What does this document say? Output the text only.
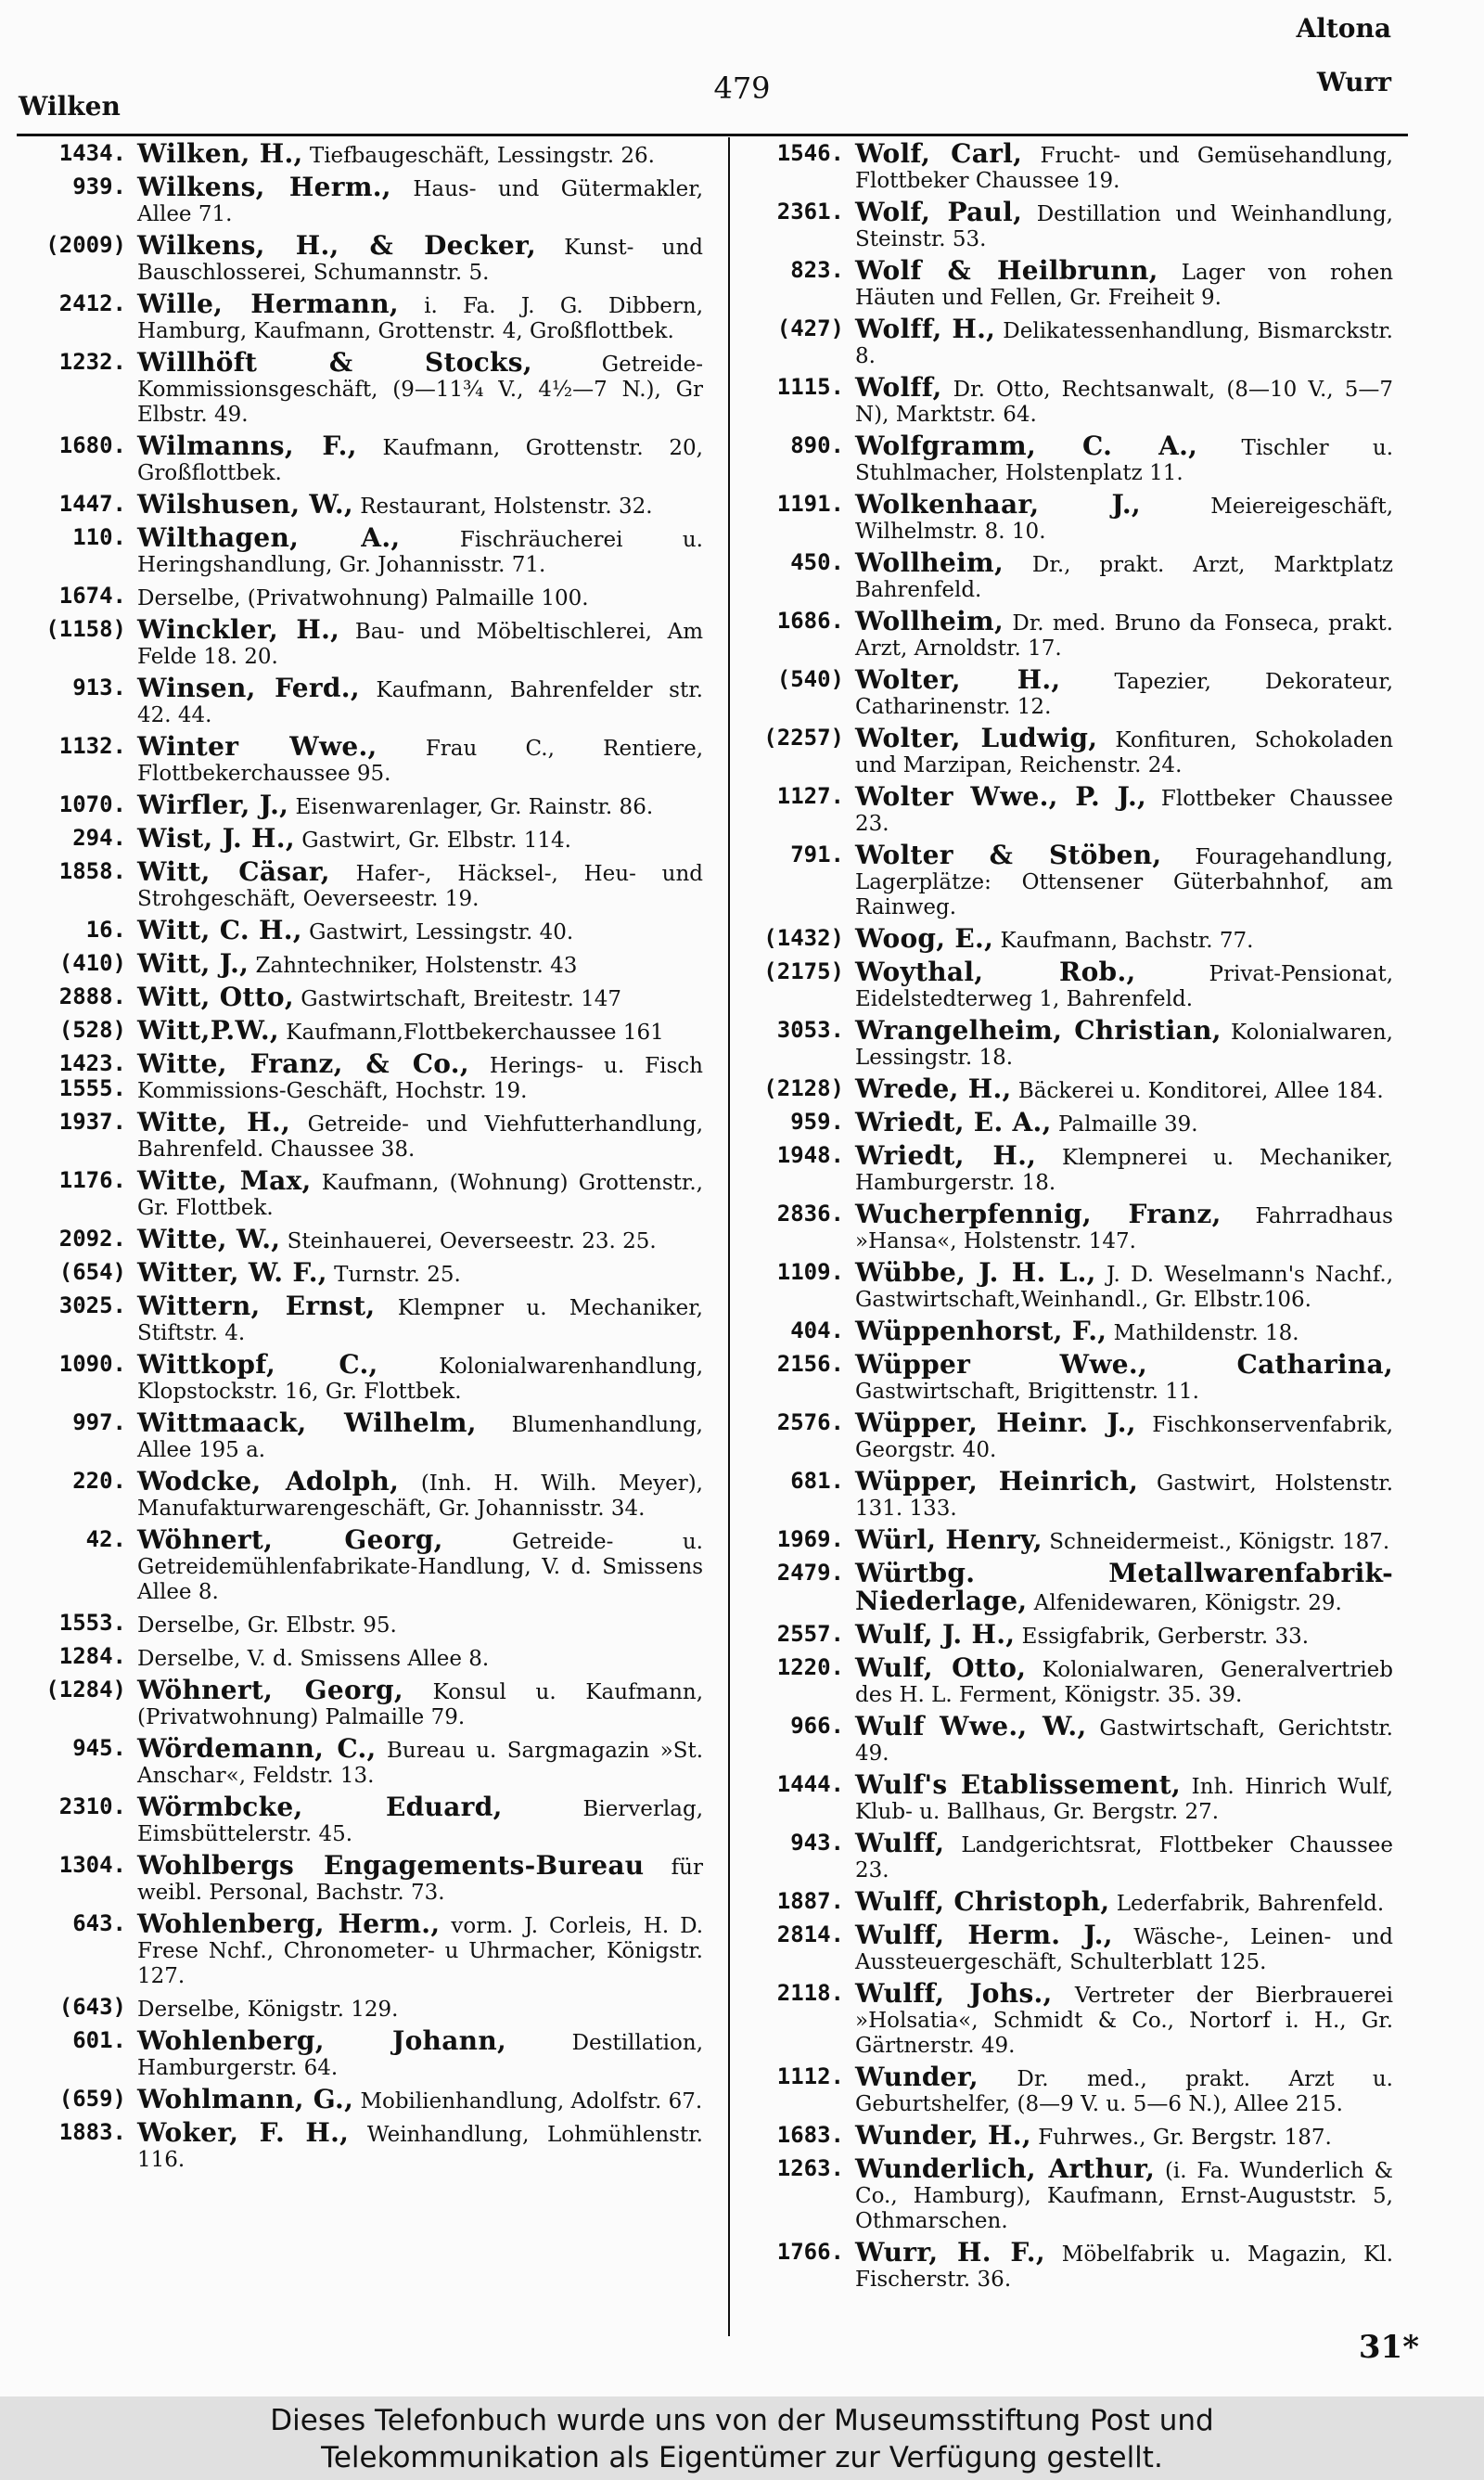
Altona
Wurr
Wilken
479
1434. Wilken, H., Tiefbaugeschäft, Lessingstr. 26.
939. Wilkens, Herm., Haus- und Gütermakler, Allee 71.
(2009) Wilkens, H., & Decker, Kunst- und Bauschlosserei, Schumannstr. 5.
2412. Wille, Hermann, i. Fa. J. G. Dibbern, Hamburg, Kaufmann, Grottenstr. 4, Großflottbek.
1232. Willhöft & Stocks,	Getreide-Kommissionsgeschäft, (9—11¾ V., 4½—7 N.), Gr Elbstr. 49.
1680. Wilmanns, F., Kaufmann, Grottenstr. 20, Großflottbek.
1447. Wilshusen, W., Restaurant, Holstenstr. 32.
110. Wilthagen, A.,	Fischräucherei u. Heringshandlung, Gr. Johannisstr. 71.
1674. Derselbe, (Privatwohnung) Palmaille 100.
(1158) Winckler, H., Bau- und Möbeltischlerei, Am Felde 18. 20.
913. Winsen, Ferd., Kaufmann, Bahrenfelder str. 42. 44.
1132. Winter Wwe., Frau C., Rentiere, Flottbekerchaussee 95.
1070. Wirfler, J., Eisenwarenlager, Gr. Rainstr. 86.
294. Wist, J. H., Gastwirt, Gr. Elbstr. 114.
1858. Witt, Cäsar, Hafer-, Häcksel-, Heu- und Strohgeschäft, Oeverseestr. 19.
16. Witt, C. H., Gastwirt, Lessingstr. 40.
(410) Witt, J., Zahntechniker, Holstenstr. 43
2888. Witt, Otto, Gastwirtschaft, Breitestr. 147
(528) Witt,P.W., Kaufmann,Flottbekerchaussee 161
1423. 1555.
Witte, Franz, & Co., Herings- u. Fisch Kommissions-Geschäft, Hochstr. 19.
1937. Witte, H., Getreide- und Viehfutterhandlung, Bahrenfeld. Chaussee 38.
1176. Witte, Max, Kaufmann, (Wohnung) Grottenstr., Gr. Flottbek.
2092. Witte, W., Steinhauerei, Oeverseestr. 23. 25.
(654) Witter, W. F., Turnstr. 25.
3025. Wittern, Ernst, Klempner u. Mechaniker, Stiftstr. 4.
1090. Wittkopf, C.,	Kolonialwarenhandlung, Klopstockstr. 16, Gr. Flottbek.
997. Wittmaack, Wilhelm, Blumenhandlung, Allee 195 a.
220. Wodcke, Adolph, (Inh. H. Wilh. Meyer), Manufakturwarengeschäft, Gr. Johannisstr. 34.
42. Wöhnert, Georg,	Getreide- u. Getreidemühlenfabrikate-Handlung, V. d. Smissens Allee 8.
1553. Derselbe, Gr. Elbstr. 95.
1284. Derselbe, V. d. Smissens Allee 8.
(1284) Wöhnert, Georg, Konsul u. Kaufmann, (Privatwohnung) Palmaille 79.
945. Wördemann, C., Bureau u. Sargmagazin »St. Anschar«, Feldstr. 13.
2310. Wörmbcke, Eduard,	Bierverlag, Eimsbüttelerstr. 45.
1304. Wohlbergs Engagements-Bureau für weibl. Personal, Bachstr. 73.
643. Wohlenberg, Herm., vorm. J. Corleis, H. D. Frese Nchf., Chronometer- u Uhrmacher, Königstr. 127.
(643) Derselbe, Königstr. 129.
601. Wohlenberg, Johann,	Destillation, Hamburgerstr. 64.
(659) Wohlmann, G., Mobilienhandlung, Adolfstr. 67.
1883. Woker, F. H., Weinhandlung, Lohmühlenstr. 116.
1546. Wolf, Carl, Frucht- und Gemüsehandlung, Flottbeker Chaussee 19.
2361. Wolf, Paul, Destillation und Weinhandlung, Steinstr. 53.
823. Wolf & Heilbrunn, Lager von rohen Häuten und Fellen, Gr. Freiheit 9.
(427) Wolff, H., Delikatessenhandlung, Bismarckstr. 8.
1115. Wolff, Dr. Otto, Rechtsanwalt, (8—10 V., 5—7 N), Marktstr. 64.
890. Wolfgramm, C. A., Tischler u. Stuhlmacher, Holstenplatz 11.
1191. Wolkenhaar, J.,	Meiereigeschäft, Wilhelmstr. 8. 10.
450. Wollheim, Dr., prakt. Arzt, Marktplatz Bahrenfeld.
1686. Wollheim, Dr. med. Bruno da Fonseca, prakt. Arzt, Arnoldstr. 17.
(540) Wolter, H.,	Tapezier, Dekorateur, Catharinenstr. 12.
(2257) Wolter, Ludwig, Konfituren, Schokoladen und Marzipan, Reichenstr. 24.
1127. Wolter Wwe., P. J., Flottbeker Chaussee 23.
791. Wolter & Stöben, Fouragehandlung, Lagerplätze: Ottensener Güterbahnhof, am Rainweg.
(1432) Woog, E., Kaufmann, Bachstr. 77.
(2175) Woythal, Rob.,	Privat-Pensionat, Eidelstedterweg 1, Bahrenfeld.
3053. Wrangelheim, Christian, Kolonialwaren, Lessingstr. 18.
(2128) Wrede, H., Bäckerei u. Konditorei, Allee 184.
959. Wriedt, E. A., Palmaille 39.
1948. Wriedt, H., Klempnerei u. Mechaniker, Hamburgerstr. 18.
2836. Wucherpfennig, Franz, Fahrradhaus »Hansa«, Holstenstr. 147.
1109. Wübbe, J. H. L., J. D. Weselmann's Nachf., Gastwirtschaft,Weinhandl., Gr. Elbstr.106.
404. Wüppenhorst, F., Mathildenstr. 18.
2156. Wüpper Wwe., Catharina, Gastwirtschaft, Brigittenstr. 11.
2576. Wüpper, Heinr. J., Fischkonservenfabrik, Georgstr. 40.
681. Wüpper, Heinrich, Gastwirt, Holstenstr. 131. 133.
1969. Würl, Henry, Schneidermeist., Königstr. 187.
2479. Würtbg. Metallwarenfabrik-Niederlage, Alfenidewaren, Königstr. 29.
2557. Wulf, J. H., Essigfabrik, Gerberstr. 33.
1220. Wulf, Otto, Kolonialwaren, Generalvertrieb des H. L. Ferment, Königstr. 35. 39.
966. Wulf Wwe., W., Gastwirtschaft, Gerichtstr. 49.
1444. Wulf's Etablissement, Inh. Hinrich Wulf, Klub- u. Ballhaus, Gr. Bergstr. 27.
943. Wulff, Landgerichtsrat, Flottbeker Chaussee 23.
1887. Wulff, Christoph, Lederfabrik, Bahrenfeld.
2814. Wulff, Herm. J., Wäsche-, Leinen- und Aussteuergeschäft, Schulterblatt 125.
2118. Wulff, Johs., Vertreter der Bierbrauerei »Holsatia«, Schmidt & Co., Nortorf i. H., Gr. Gärtnerstr. 49.
1112. Wunder, Dr. med., prakt. Arzt u. Geburtshelfer, (8—9 V. u. 5—6 N.), Allee 215.
1683. Wunder, H., Fuhrwes., Gr. Bergstr. 187.
1263. Wunderlich, Arthur, (i. Fa. Wunderlich & Co., Hamburg), Kaufmann, Ernst-Auguststr. 5, Othmarschen.
1766. Wurr, H. F., Möbelfabrik u. Magazin, Kl. Fischerstr. 36.
31*
Dieses Telefonbuch wurde uns von der Museumsstiftung Post und
Telekommunikation als Eigentümer zur Verfügung gestellt.
